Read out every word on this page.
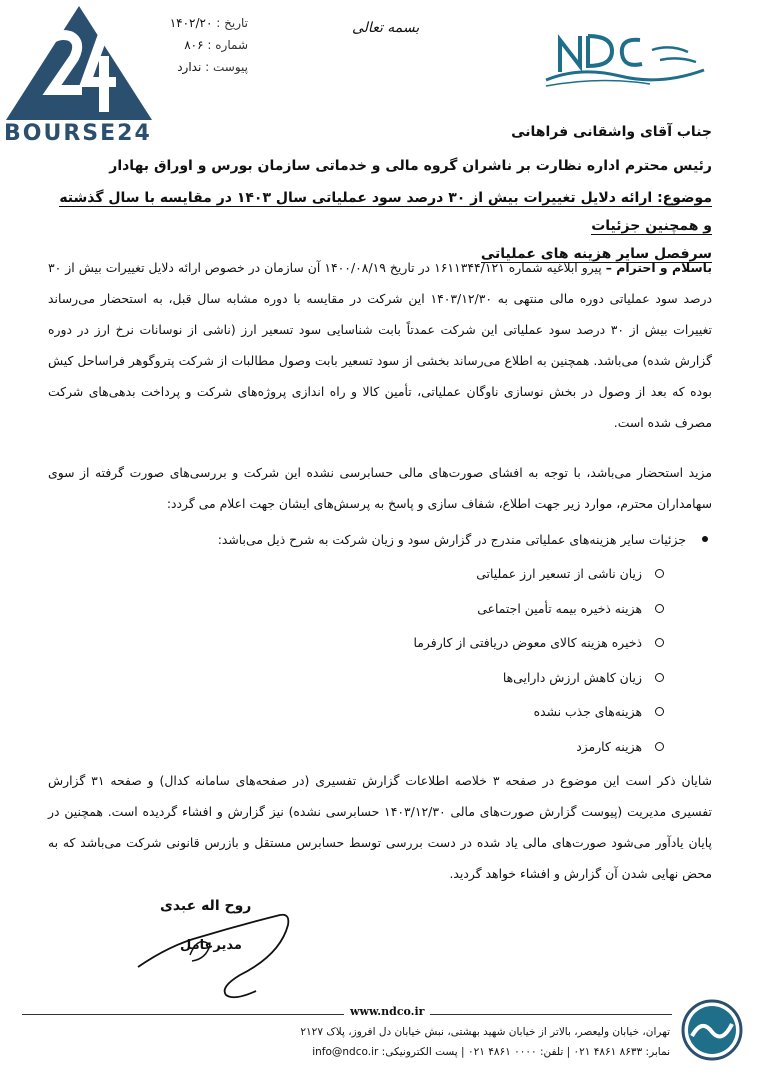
BOURSE24
تاریخ : ۱۴۰۲/۲۰
شماره : ۸۰۶
پیوست : ندارد
بسمه تعالی
جناب آقای واشقانی فراهانی
رئیس محترم اداره نظارت بر ناشران گروه مالی و خدماتی سازمان بورس و اوراق بهادار
موضوع: ارائه دلایل تغییرات بیش از ۳۰ درصد سود عملیاتی سال ۱۴۰۳ در مقایسه با سال گذشته و همچنین جزئیات
سرفصل سایر هزینه های عملیاتی
باسلام و احترام – پیرو ابلاغیه شماره ۱۶۱۱۳۴۴/۱۲۱ در تاریخ ۱۴۰۰/۰۸/۱۹ آن سازمان در خصوص ارائه دلایل تغییرات بیش از ۳۰ درصد سود عملیاتی دوره مالی منتهی به ۱۴۰۳/۱۲/۳۰ این شرکت در مقایسه با دوره مشابه سال قبل، به استحضار می‌رساند تغییرات بیش از ۳۰ درصد سود عملیاتی این شرکت عمدتاً بابت شناسایی سود تسعیر ارز (ناشی از نوسانات نرخ ارز در دوره گزارش شده) می‌باشد. همچنین به اطلاع می‌رساند بخشی از سود تسعیر بابت وصول مطالبات از شرکت پتروگوهر فراساحل کیش بوده که بعد از وصول در بخش نوسازی ناوگان عملیاتی، تأمین کالا و راه اندازی پروژه‌های شرکت و پرداخت بدهی‌های شرکت مصرف شده است.
مزید استحضار می‌باشد، با توجه به افشای صورت‌های مالی حسابرسی نشده این شرکت و بررسی‌های صورت گرفته از سوی سهامداران محترم، موارد زیر جهت اطلاع، شفاف سازی و پاسخ به پرسش‌های ایشان جهت اعلام می گردد:
جزئیات سایر هزینه‌های عملیاتی مندرج در گزارش سود و زیان شرکت به شرح ذیل می‌باشد:
زیان ناشی از تسعیر ارز عملیاتی
هزینه ذخیره بیمه تأمین اجتماعی
ذخیره هزینه کالای معوض دریافتی از کارفرما
زیان کاهش ارزش دارایی‌ها
هزینه‌های جذب نشده
هزینه کارمزد
شایان ذکر است این موضوع در صفحه ۳ خلاصه اطلاعات گزارش تفسیری (در صفحه‌های سامانه کدال) و صفحه ۳۱ گزارش تفسیری مدیریت (پیوست گزارش صورت‌های مالی ۱۴۰۳/۱۲/۳۰ حسابرسی نشده) نیز گزارش و افشاء گردیده است. همچنین در پایان یادآور می‌شود صورت‌های مالی یاد شده در دست بررسی توسط حسابرس مستقل و بازرس قانونی شرکت می‌باشد که به محض نهایی شدن آن گزارش و افشاء خواهد گردید.
روح اله عبدی
مدیرعامل
www.ndco.ir
تهران، خیابان ولیعصر، بالاتر از خیابان شهید بهشتی، نبش خیابان دل افروز، پلاک ۲۱۲۷
نمابر: ۸۶۳۳ ۴۸۶۱ ۰۲۱ | تلفن: ۰۰۰۰ ۴۸۶۱ ۰۲۱ | پست الکترونیکی: info@ndco.ir
